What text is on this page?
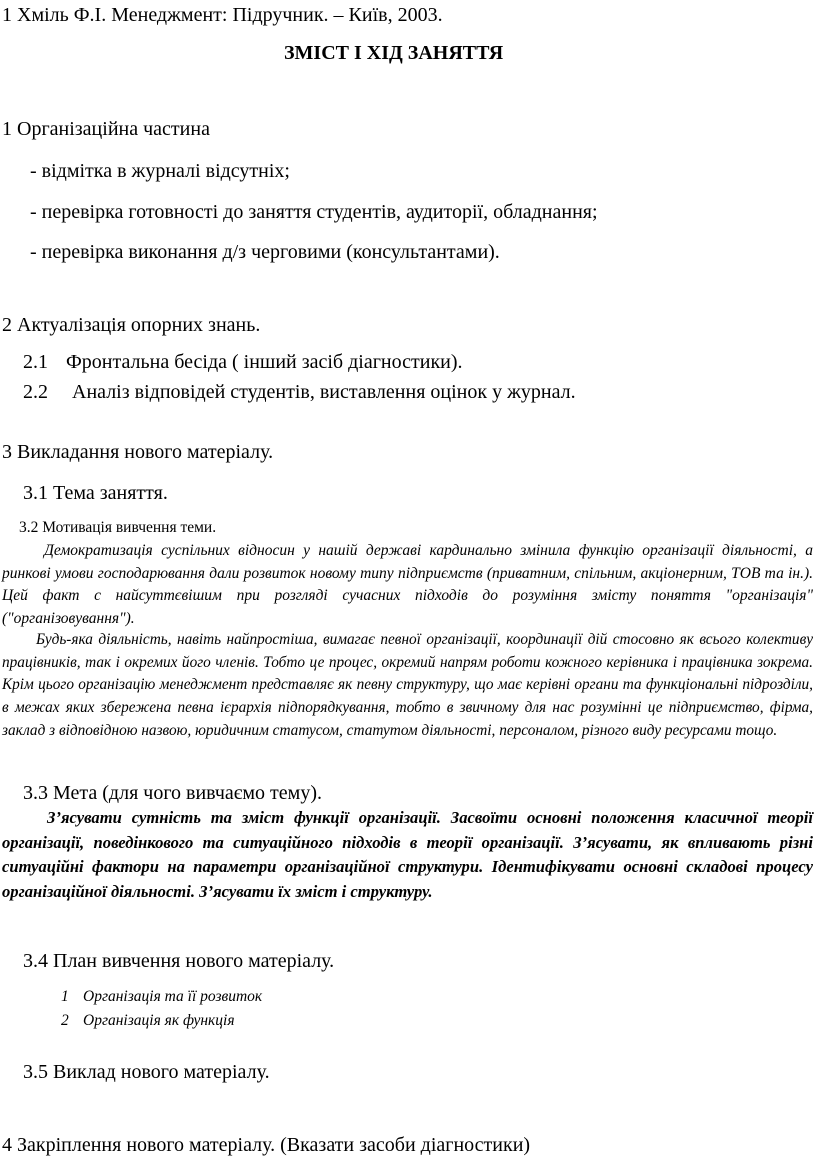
1 Хміль Ф.І. Менеджмент: Підручник. – Київ, 2003.

ЗМІСТ І ХІД ЗАНЯТТЯ

1 Організаційна частина

- відмітка в журналі відсутніх;

- перевірка готовності до заняття студентів, аудиторії, обладнання;

- перевірка виконання д/з черговими (консультантами).

2 Актуалізація опорних знань.

2.1 Фронтальна бесіда ( інший засіб діагностики).

2.2 Аналіз відповідей студентів, виставлення оцінок у журнал.

3 Викладання нового матеріалу.

3.1 Тема заняття.

3.2 Мотивація вивчення теми.

Демократизація суспільних відносин у нашій державі кардинально змінила функцію організації діяльності, а ринкові умови господарювання дали розвиток новому типу підприємств (приватним, спільним, акціонерним, ТОВ та ін.). Цей факт с найсуттєвішим при розгляді сучасних підходів до розуміння змісту поняття "організація"("організовування").

Будь-яка діяльність, навіть найпростіша, вимагає певної організації, координації дій стосовно як всього колективу працівників, так і окремих його членів. Тобто це процес, окремий напрям роботи кожного керівника і працівника зокрема. Крім цього організацію менеджмент представляє як певну структуру, що має керівні органи та функціональні підрозділи, в межах яких збережена певна ієрархія підпорядкування, тобто в звичному для нас розумінні це підприємство, фірма, заклад з відповідною назвою, юридичним статусом, статутом діяльності, персоналом, різного виду ресурсами тощо.

3.3 Мета (для чого вивчаємо тему).

З’ясувати сутність та зміст функції організації. Засвоїти основні положення класичної теорії організації, поведінкового та ситуаційного підходів в теорії організації. З’ясувати, як впливають різні ситуаційні фактори на параметри організаційної структури. Ідентифікувати основні складові процесу організаційної діяльності. З’ясувати їх зміст і структуру.

3.4 План вивчення нового матеріалу.

1 Організація та її розвиток

2 Організація як функція

3.5 Виклад нового матеріалу.

4 Закріплення нового матеріалу. (Вказати засоби діагностики)
